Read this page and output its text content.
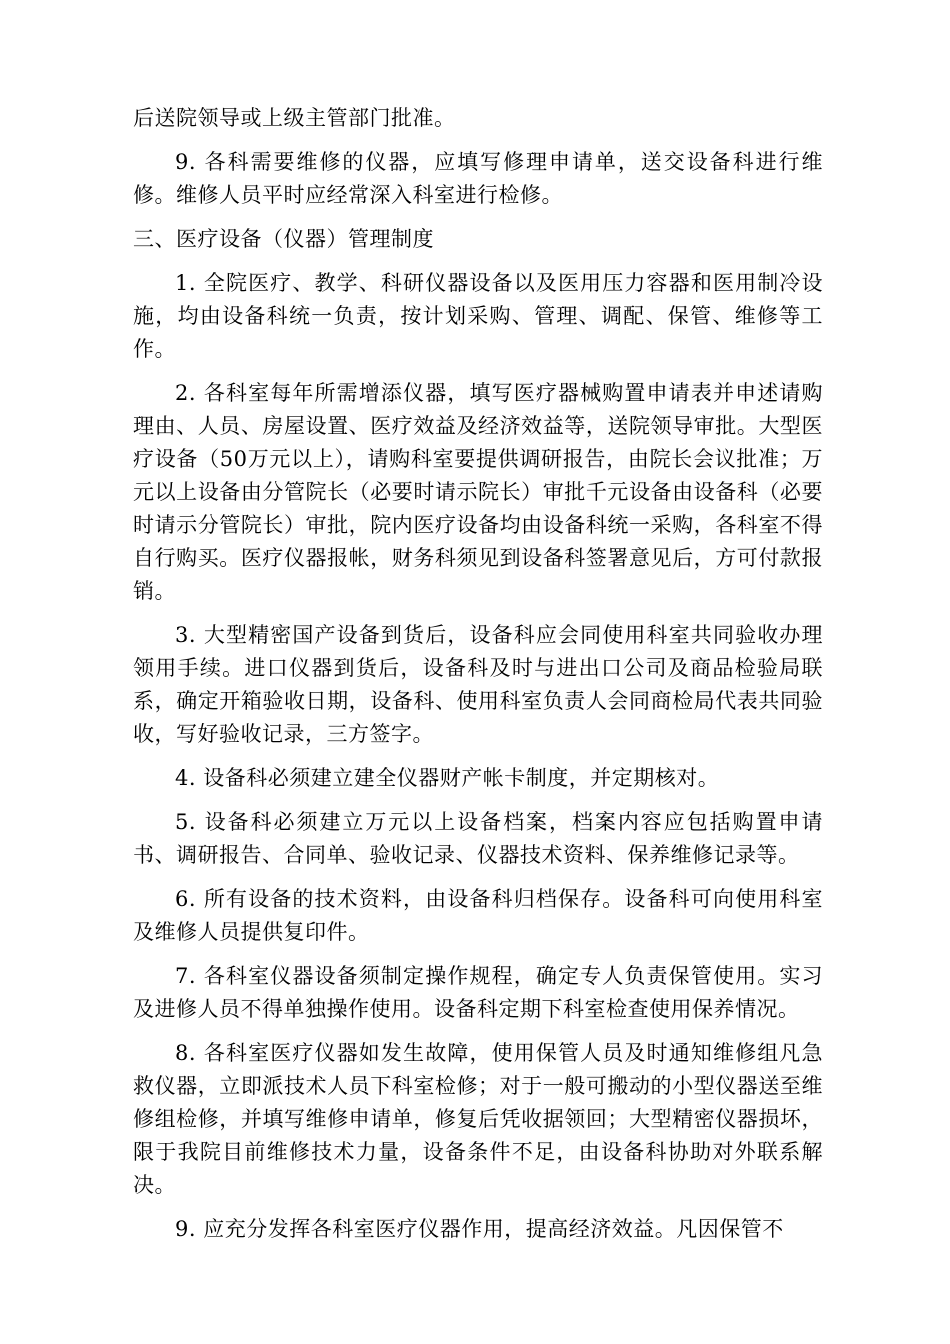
后送院领导或上级主管部门批准。

9. 各科需要维修的仪器，应填写修理申请单，送交设备科进行维修。维修人员平时应经常深入科室进行检修。

三、医疗设备（仪器）管理制度

1. 全院医疗、教学、科研仪器设备以及医用压力容器和医用制冷设施，均由设备科统一负责，按计划采购、管理、调配、保管、维修等工作。

2. 各科室每年所需增添仪器，填写医疗器械购置申请表并申述请购理由、人员、房屋设置、医疗效益及经济效益等，送院领导审批。大型医疗设备（50万元以上），请购科室要提供调研报告，由院长会议批准；万元以上设备由分管院长（必要时请示院长）审批千元设备由设备科（必要时请示分管院长）审批，院内医疗设备均由设备科统一采购，各科室不得自行购买。医疗仪器报帐，财务科须见到设备科签署意见后，方可付款报销。

3. 大型精密国产设备到货后，设备科应会同使用科室共同验收办理领用手续。进口仪器到货后，设备科及时与进出口公司及商品检验局联系，确定开箱验收日期，设备科、使用科室负责人会同商检局代表共同验收，写好验收记录，三方签字。

4. 设备科必须建立建全仪器财产帐卡制度，并定期核对。

5. 设备科必须建立万元以上设备档案，档案内容应包括购置申请书、调研报告、合同单、验收记录、仪器技术资料、保养维修记录等。

6. 所有设备的技术资料，由设备科归档保存。设备科可向使用科室及维修人员提供复印件。

7. 各科室仪器设备须制定操作规程，确定专人负责保管使用。实习及进修人员不得单独操作使用。设备科定期下科室检查使用保养情况。

8. 各科室医疗仪器如发生故障，使用保管人员及时通知维修组凡急救仪器，立即派技术人员下科室检修；对于一般可搬动的小型仪器送至维修组检修，并填写维修申请单，修复后凭收据领回；大型精密仪器损坏，限于我院目前维修技术力量，设备条件不足，由设备科协助对外联系解决。

9. 应充分发挥各科室医疗仪器作用，提高经济效益。凡因保管不
